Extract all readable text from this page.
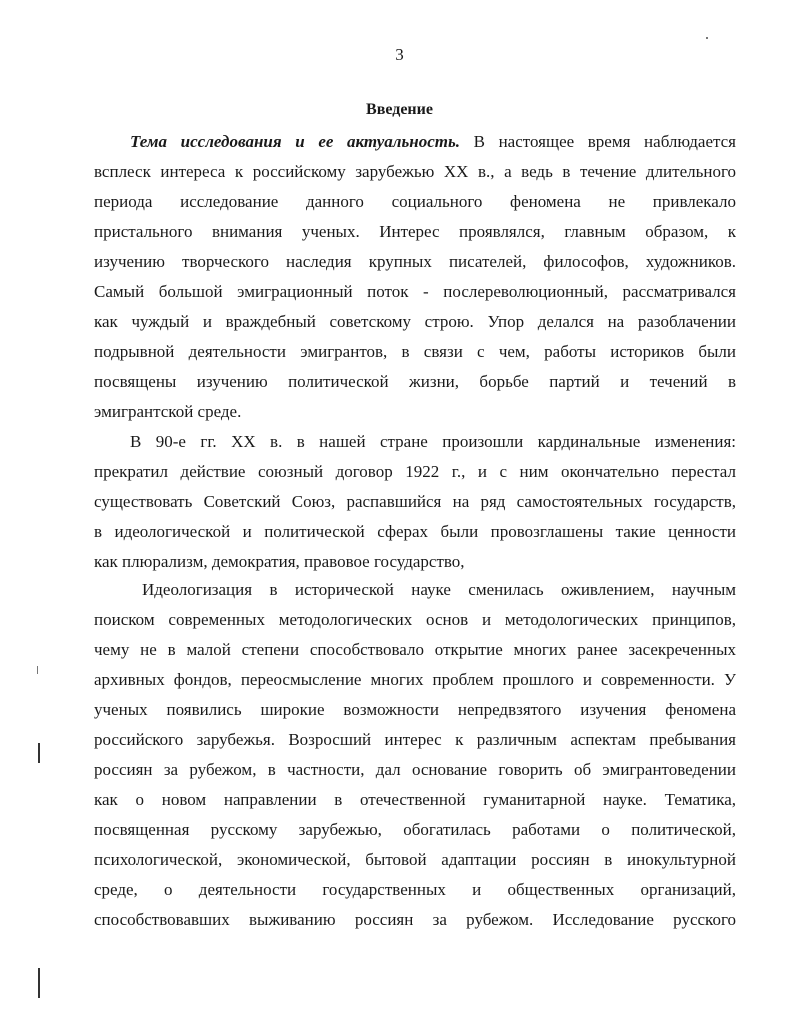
3
Введение
Тема исследования и ее актуальность. В настоящее время наблюдается
всплеск интереса к российскому зарубежью XX в., а ведь в течение длительного
периода исследование данного социального феномена не привлекало
пристального внимания ученых. Интерес проявлялся, главным образом, к
изучению творческого наследия крупных писателей, философов, художников.
Самый большой эмиграционный поток - послереволюционный, рассматривался
как чуждый и враждебный советскому строю. Упор делался на разоблачении
подрывной деятельности эмигрантов, в связи с чем, работы историков были
посвящены изучению политической жизни, борьбе партий и течений в
эмигрантской среде.
В 90-е гг. XX в. в нашей стране произошли кардинальные изменения:
прекратил действие союзный договор 1922 г., и с ним окончательно перестал
существовать Советский Союз, распавшийся на ряд самостоятельных государств,
в идеологической и политической сферах были провозглашены такие ценности
как плюрализм, демократия, правовое государство,
Идеологизация в исторической науке сменилась оживлением, научным
поиском современных методологических основ и методологических принципов,
чему не в малой степени способствовало открытие многих ранее засекреченных
архивных фондов, переосмысление многих проблем прошлого и современности. У
ученых появились широкие возможности непредвзятого изучения феномена
российского зарубежья. Возросший интерес к различным аспектам пребывания
россиян за рубежом, в частности, дал основание говорить об эмигрантоведении
как о новом направлении в отечественной гуманитарной науке. Тематика,
посвященная русскому зарубежью, обогатилась работами о политической,
психологической, экономической, бытовой адаптации россиян в инокультурной
среде, о деятельности государственных и общественных организаций,
способствовавших выживанию россиян за рубежом. Исследование русского
